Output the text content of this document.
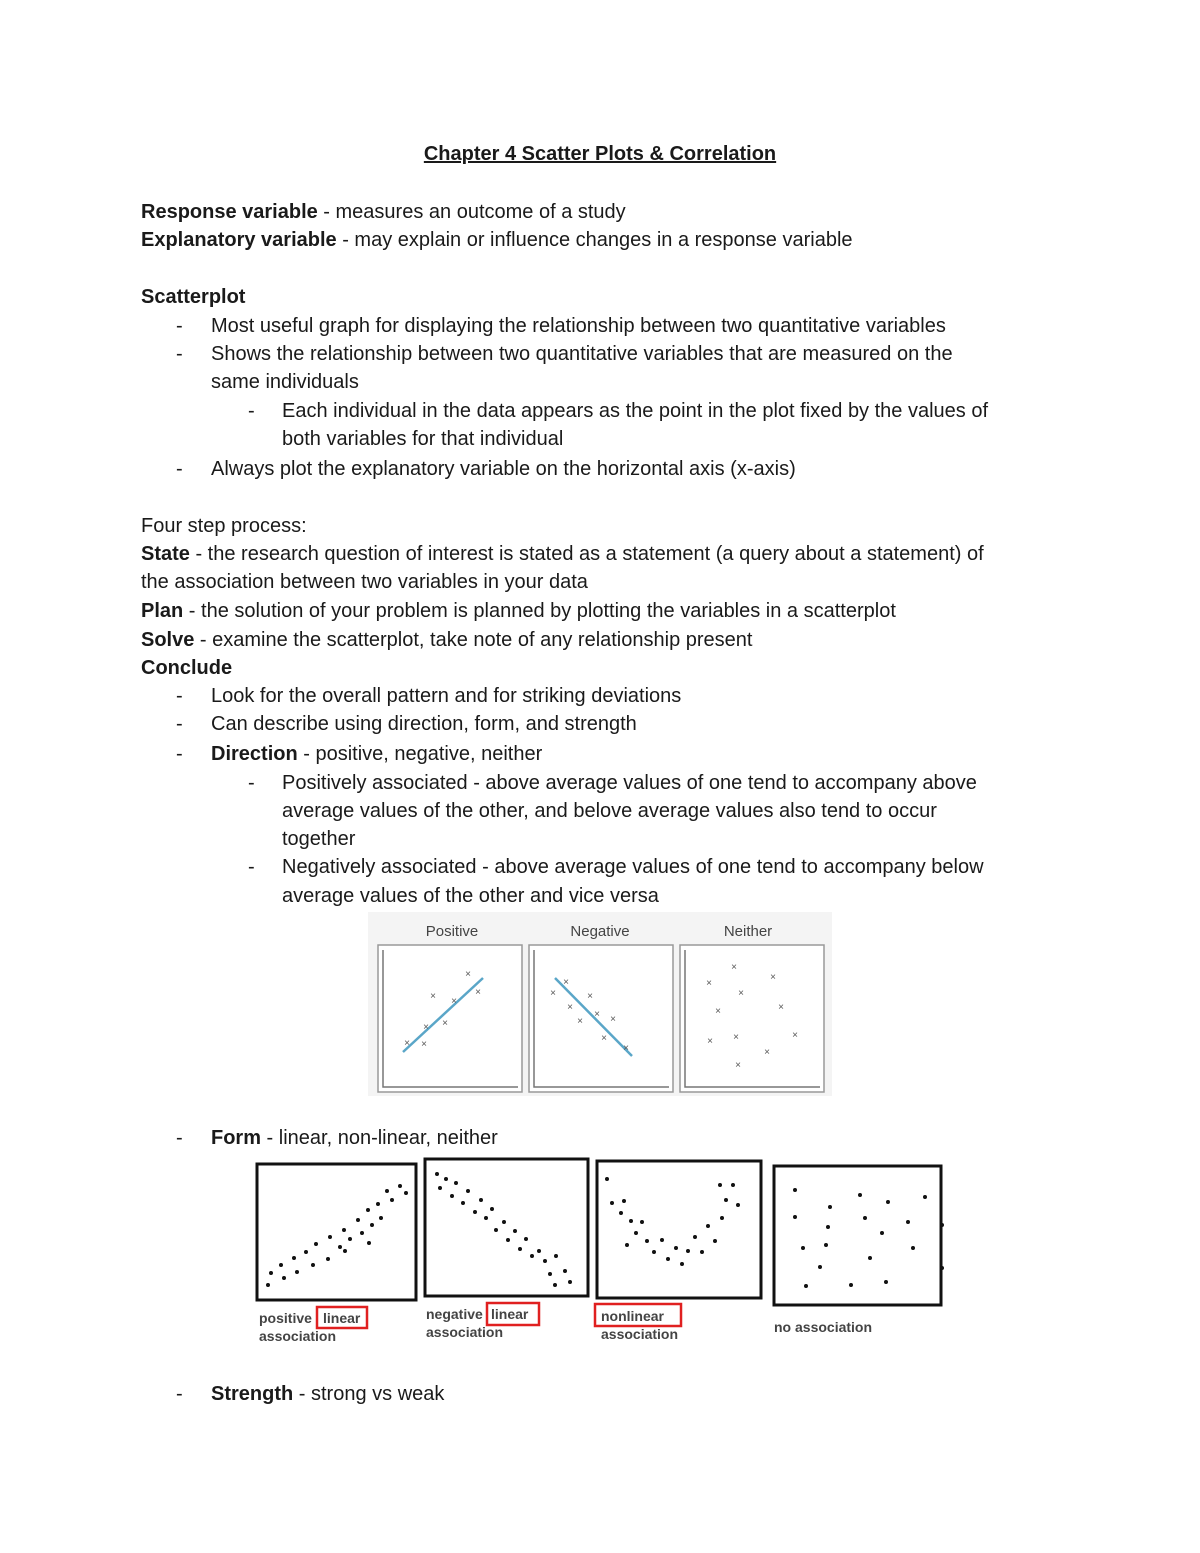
Chapter 4 Scatter Plots & Correlation
Response variable - measures an outcome of a study
Explanatory variable - may explain or influence changes in a response variable
Scatterplot
- Most useful graph for displaying the relationship between two quantitative variables
- Shows the relationship between two quantitative variables that are measured on the
same individuals
- Each individual in the data appears as the point in the plot fixed by the values of
both variables for that individual
- Always plot the explanatory variable on the horizontal axis (x-axis)
Four step process:
State - the research question of interest is stated as a statement (a query about a statement) of
the association between two variables in your data
Plan - the solution of your problem is planned by plotting the variables in a scatterplot
Solve - examine the scatterplot, take note of any relationship present
Conclude
- Look for the overall pattern and for striking deviations
- Can describe using direction, form, and strength
- Direction - positive, negative, neither
- Positively associated - above average values of one tend to accompany above
average values of the other, and belove average values also tend to occur
together
- Negatively associated - above average values of one tend to accompany below
average values of the other and vice versa
Positive	Negative	Neither
× ×
× ×
× ×
×
×	×
×
×
×
×
× ×
×
×
×
×
×
×
×	×
×	×
×
×
×
- Form - linear, non-linear, neither
positive linear
association
negative linear
association
nonlinear
association	no association
- Strength - strong vs weak
